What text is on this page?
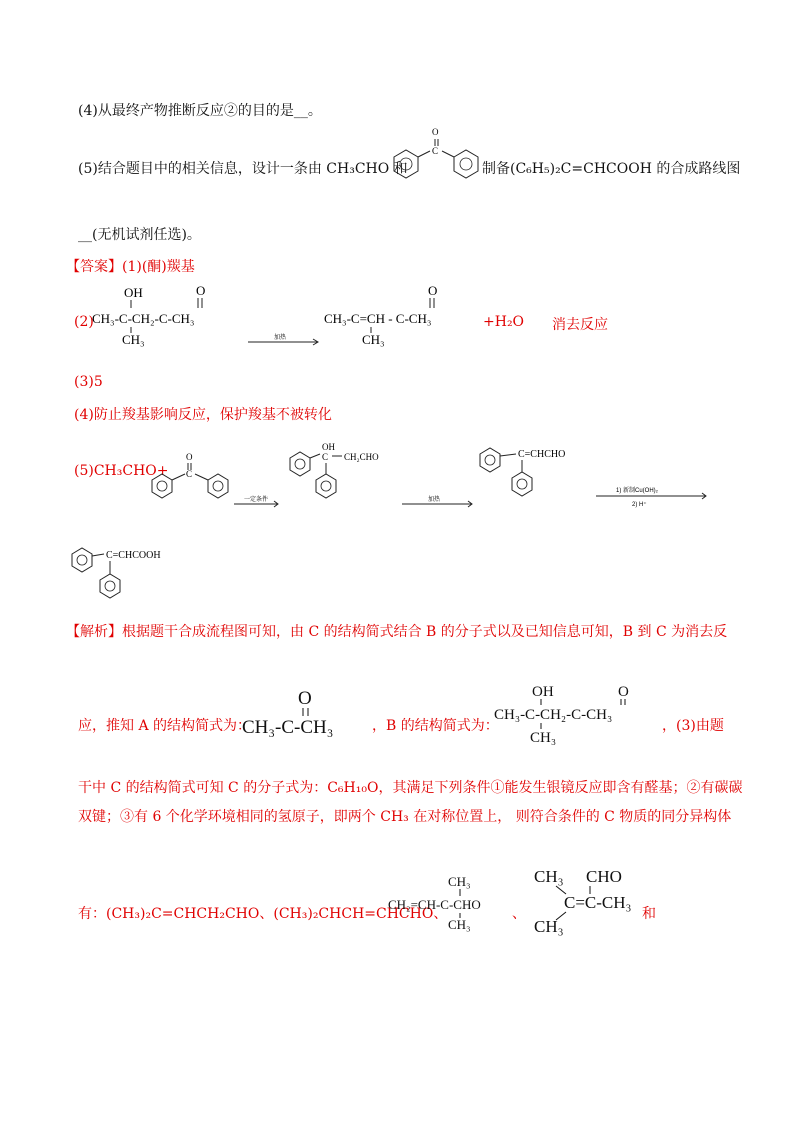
(4)从最终产物推断反应②的目的是__。
(5)结合题目中的相关信息，设计一条由 CH₃CHO 和
O
C
制备(C₆H₅)₂C=CHCOOH 的合成路线图
__(无机试剂任选)。
【答案】(1)(酮)羰基
(2)
OH	O
CH₃-C-CH₂-C-CH₃
CH₃	加热
O
CH₃-C=CH - C-CH₃
CH₃
+H₂O 消去反应
(3)5
(4)防止羧基影响反应，保护羧基不被转化
(5)CH₃CHO+
O
C
一定条件
OH
C CH₂CHO
加热
C=CHCHO
1) 新制Cu(OH)₂
2) H⁺
C=CHCOOH
【解析】根据题干合成流程图可知，由 C 的结构简式结合 B 的分子式以及已知信息可知，B 到 C 为消去反
应，推知 A 的结构简式为：
O
CH₃-C-CH₃	，B 的结构简式为：
OH	O
CH₃-C-CH₂-C-CH₃
CH₃
，(3)由题
干中 C 的结构简式可知 C 的分子式为：C₆H₁₀O，其满足下列条件①能发生银镜反应即含有醛基；②有碳碳
双键；③有 6 个化学环境相同的氢原子，即两个 CH₃ 在对称位置上， 则符合条件的 C 物质的同分异构体
有：(CH₃)₂C=CHCH₂CHO、(CH₃)₂CHCH=CHCHO、
CH₃
CH₂=CH-C-CHO
CH₃
、
CH₃ CHO
C=C-CH₃
CH₃
和
